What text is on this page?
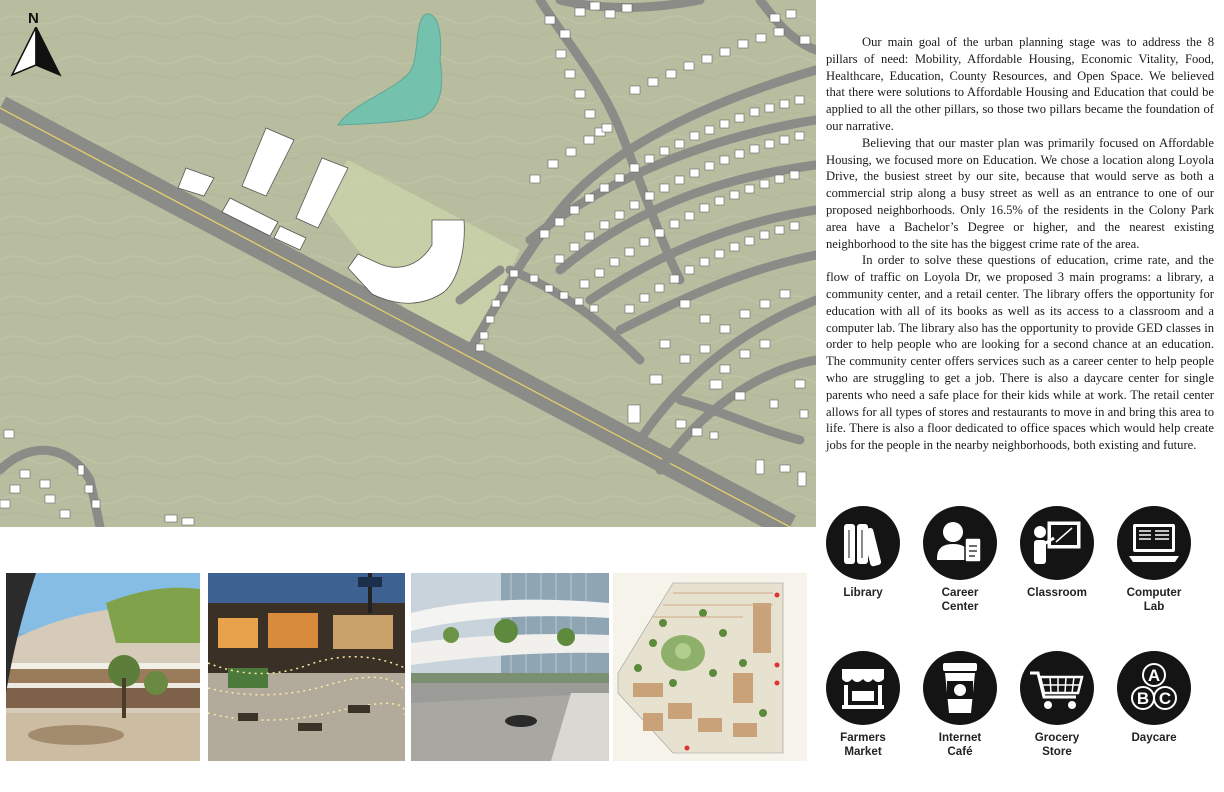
N

Our main goal of the urban planning stage was to address the 8 pillars of need: Mobility, Affordable Housing, Economic Vitality, Food, Healthcare, Education, County Resources, and Open Space. We believed that there were solutions to Affordable Housing and Education that could be applied to all the other pillars, so those two pillars became the foundation of our narrative.

Believing that our master plan was primarily focused on Affordable Housing, we focused more on Education. We chose a location along Loyola Drive, the busiest street by our site, because that would serve as both a commercial strip along a busy street as well as an entrance to one of our proposed neighborhoods. Only 16.5% of the residents in the Colony Park area have a Bachelor’s Degree or higher, and the nearest existing neighborhood to the site has the biggest crime rate of the area.

In order to solve these questions of education, crime rate, and the flow of traffic on Loyola Dr, we proposed 3 main programs: a library, a community center, and a retail center. The library offers the opportunity for education with all of its books as well as its access to a classroom and a computer lab. The library also has the opportunity to provide GED classes in order to help people who are looking for a second chance at an education. The community center offers services such as a career center to help people who are struggling to get a job. There is also a daycare center for single parents who need a safe place for their kids while at work. The retail center allows for all types of stores and restaurants to move in and bring this area to life. There is also a floor dedicated to office spaces which would help create jobs for the people in the nearby neighborhoods, both existing and future.

Library	Career
Center
Classroom	Computer
Lab
Farmers
Market
Internet
Café
Grocery
Store
A
B C
Daycare
